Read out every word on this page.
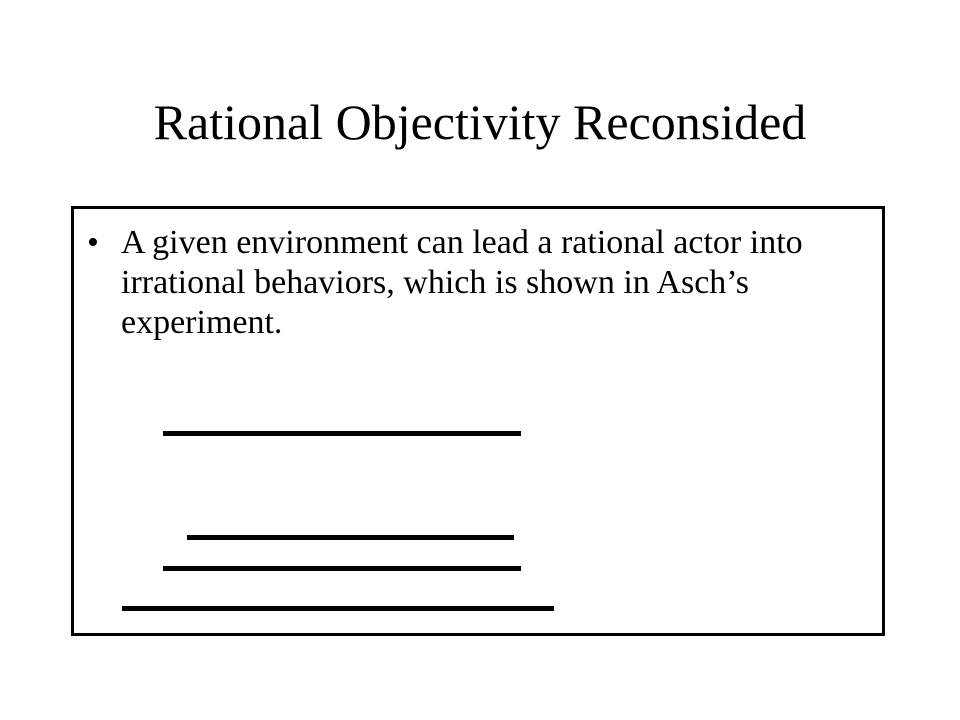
Rational Objectivity Reconsided
• A given environment can lead a rational actor into irrational behaviors, which is shown in Asch’s experiment.
